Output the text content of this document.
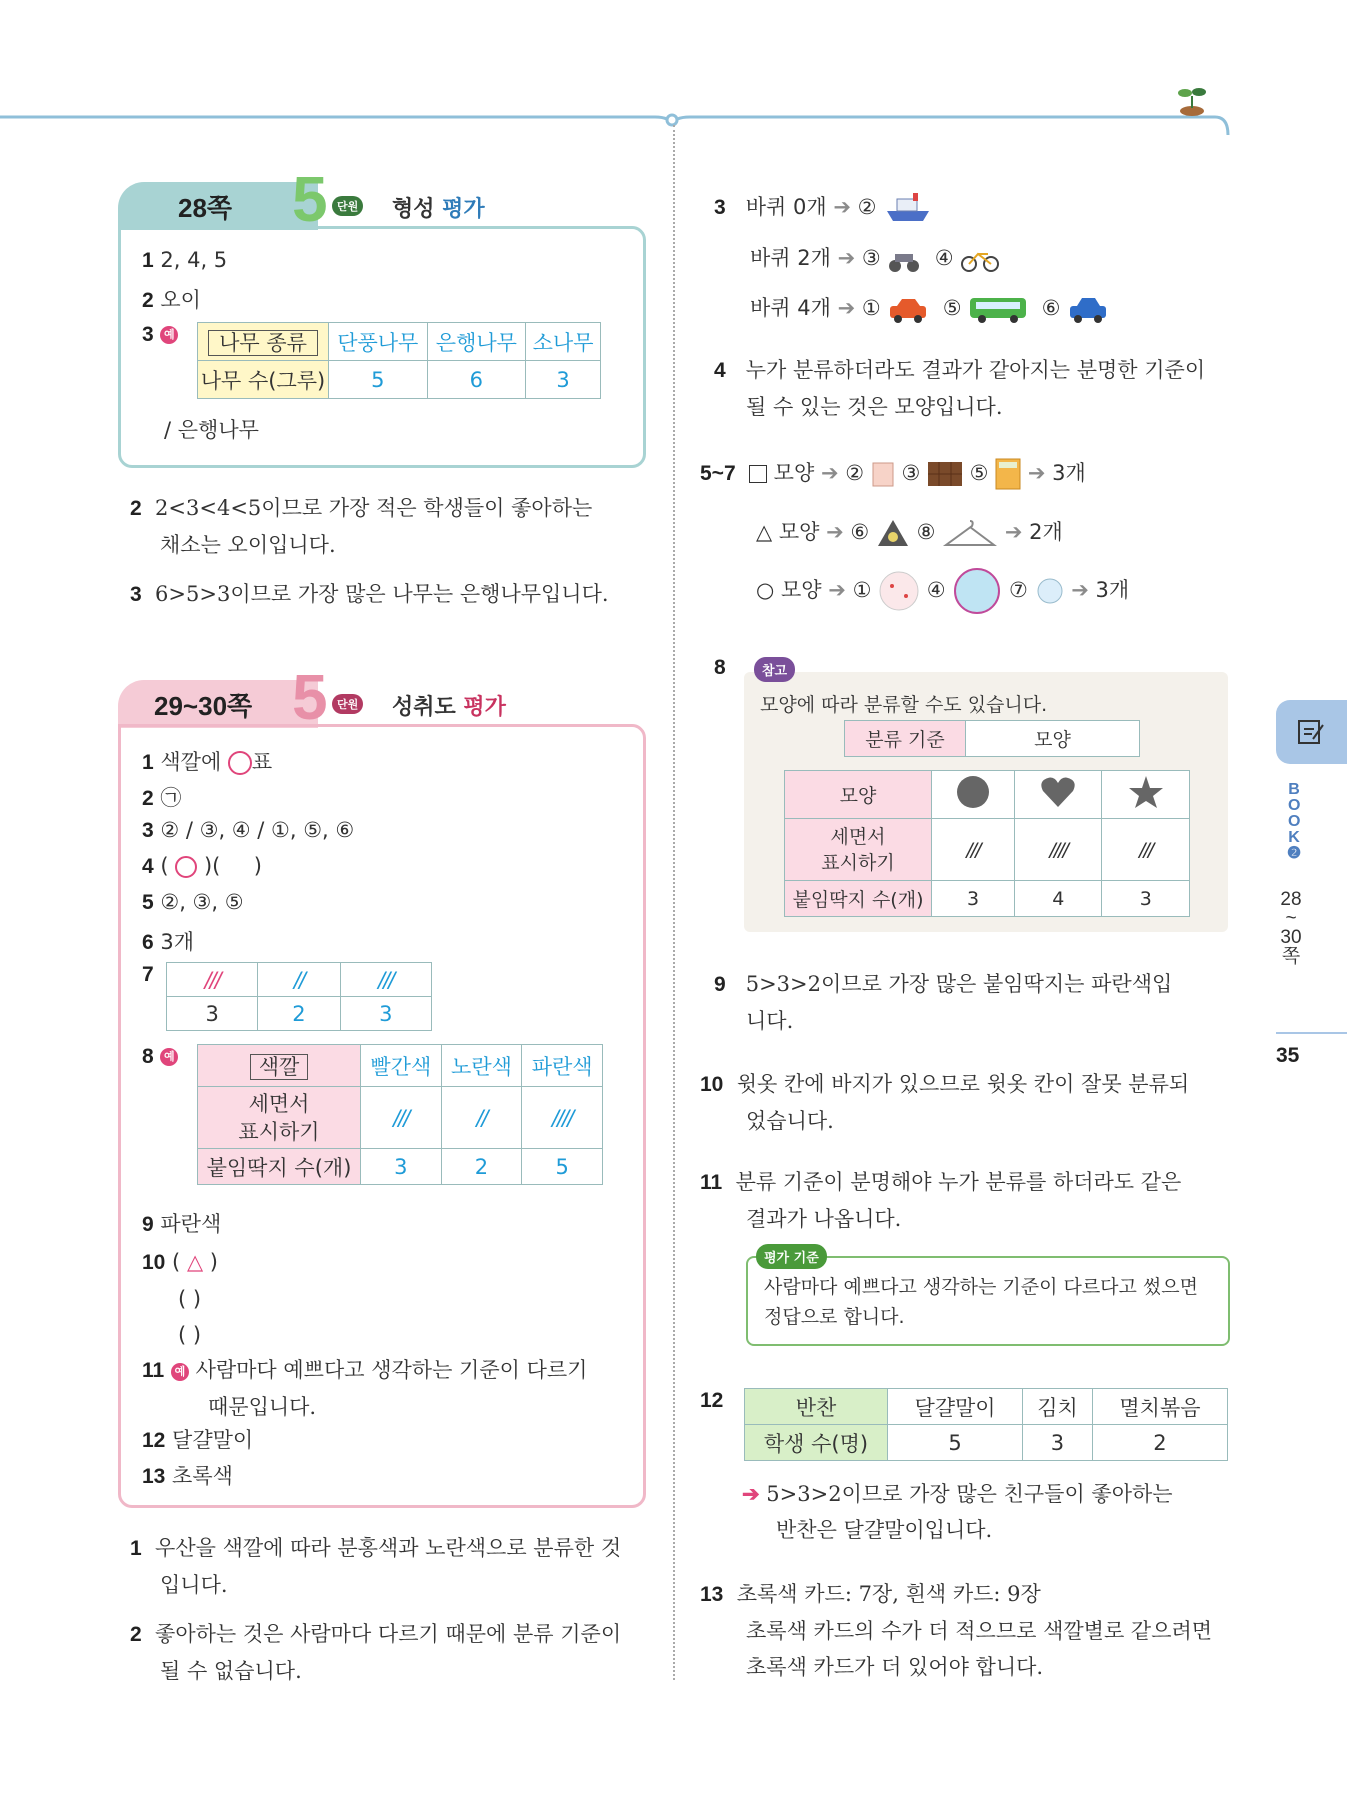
BOOK
❷
28
~
30
쪽
35
28쪽 5 단원 형성 평가
1 2, 4, 5
2 오이
3 예 나무 종류	단풍나무	은행나무	소나무
나무 수(그루)	5	6	3
/ 은행나무
2 2<3<4<5이므로 가장 적은 학생들이 좋아하는
채소는 오이입니다.
3 6>5>3이므로 가장 많은 나무는 은행나무입니다.
29~30쪽 5 단원 성취도 평가
1 색깔에 표
2 ㉠
3 ② / ③, ④ / ①, ⑤, ⑥
4 ( )( )
5 ②, ③, ⑤
6 3개
7 ///	//	///
3	2	3
8 예	색깔	빨간색	노란색	파란색
세면서
표시하기	///	//	////
붙임딱지 수(개)	3	2	5
9 파란색
10 ( △ )
( )
( )
11 예 사람마다 예쁘다고 생각하는 기준이 다르기
때문입니다.
12 달걀말이
13 초록색
1 우산을 색깔에 따라 분홍색과 노란색으로 분류한 것
입니다.
2 좋아하는 것은 사람마다 다르기 때문에 분류 기준이
될 수 없습니다.
3 바퀴 0개 ➔ ②
바퀴 2개 ➔ ③	④
바퀴 4개 ➔ ①	⑤	⑥
4 누가 분류하더라도 결과가 같아지는 분명한 기준이
될 수 있는 것은 모양입니다.
5~7 모양 ➔ ② ③ ⑤ ➔ 3개
△ 모양 ➔ ⑥ ⑧	➔ 2개
○ 모양 ➔ ①	④	⑦ ➔ 3개
8	참고
모양에 따라 분류할 수도 있습니다.
분류 기준	모양
모양			
세면서
표시하기	///	////	///
붙임딱지 수(개)	3	4	3
9 5>3>2이므로 가장 많은 붙임딱지는 파란색입
니다.
10 윗옷 칸에 바지가 있으므로 윗옷 칸이 잘못 분류되
었습니다.
11 분류 기준이 분명해야 누가 분류를 하더라도 같은
결과가 나옵니다.
평가 기준
사람마다 예쁘다고 생각하는 기준이 다르다고 썼으면
정답으로 합니다.
12	반찬	달걀말이	김치	멸치볶음
학생 수(명)	5	3	2
➔ 5>3>2이므로 가장 많은 친구들이 좋아하는
반찬은 달걀말이입니다.
13 초록색 카드: 7장, 흰색 카드: 9장
초록색 카드의 수가 더 적으므로 색깔별로 같으려면
초록색 카드가 더 있어야 합니다.
